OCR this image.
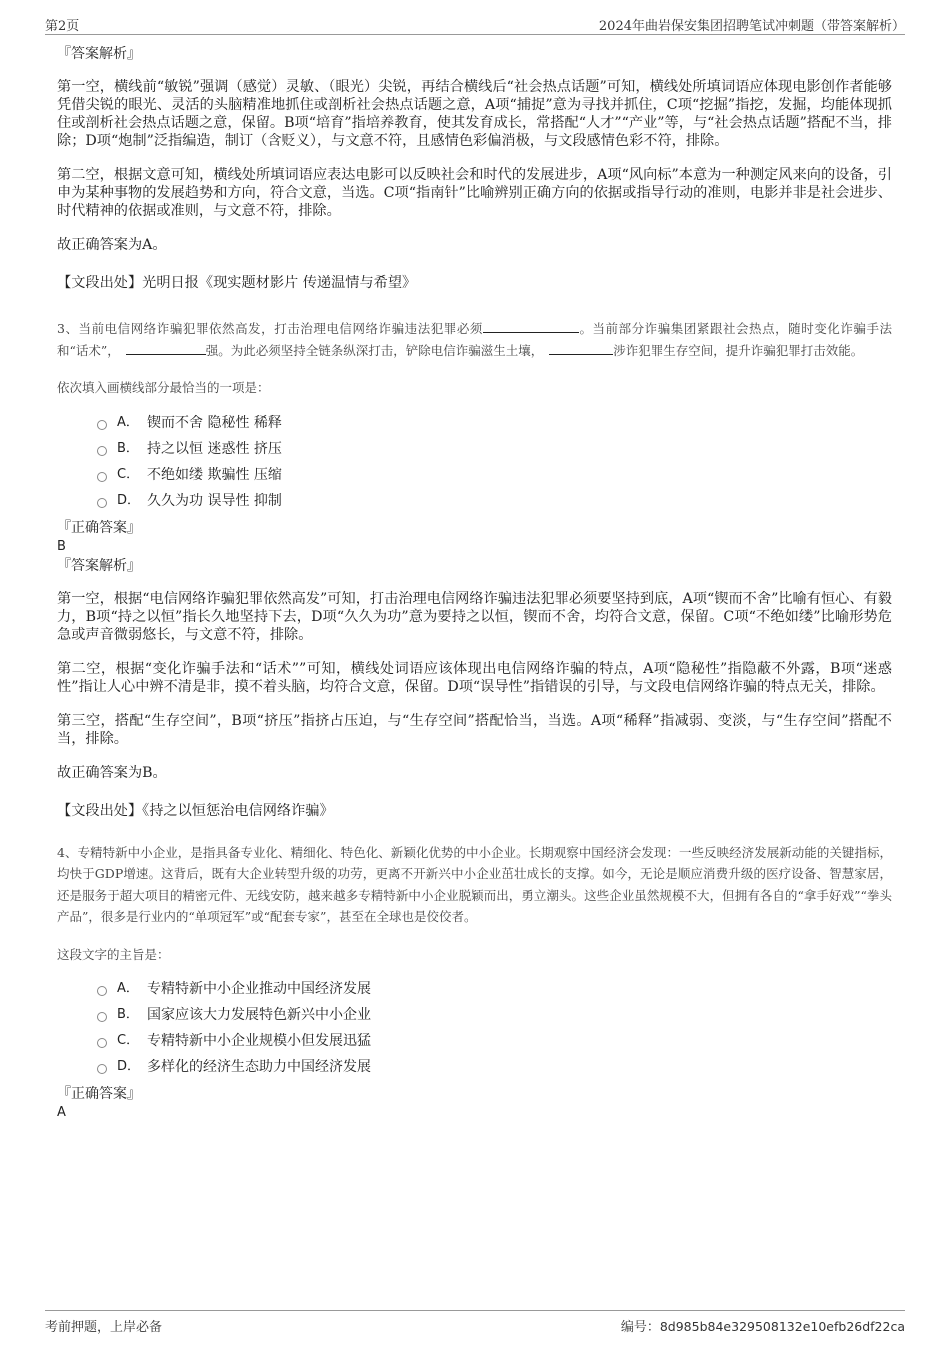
第2页	2024年曲岩保安集团招聘笔试冲刺题（带答案解析）

『答案解析』

第一空，横线前“敏锐”强调（感觉）灵敏、（眼光）尖锐，再结合横线后“社会热点话题”可知，横线处所填词语应体现电影创作者能够凭借尖锐的眼光、灵活的头脑精准地抓住或剖析社会热点话题之意，A项“捕捉”意为寻找并抓住，C项“挖掘”指挖，发掘，均能体现抓住或剖析社会热点话题之意，保留。B项“培育”指培养教育，使其发育成长，常搭配“人才”“产业”等，与“社会热点话题”搭配不当，排除；D项“炮制”泛指编造，制订（含贬义），与文意不符，且感情色彩偏消极，与文段感情色彩不符，排除。

第二空，根据文意可知，横线处所填词语应表达电影可以反映社会和时代的发展进步，A项“风向标”本意为一种测定风来向的设备，引申为某种事物的发展趋势和方向，符合文意，当选。C项“指南针”比喻辨别正确方向的依据或指导行动的准则，电影并非是社会进步、时代精神的依据或准则，与文意不符，排除。

故正确答案为A。

【文段出处】光明日报《现实题材影片 传递温情与希望》

3、当前电信网络诈骗犯罪依然高发，打击治理电信网络诈骗违法犯罪必须	。当前部分诈骗集团紧跟社会热点，随时变化诈骗手法和“话术”，	强。为此必须坚持全链条纵深打击，铲除电信诈骗滋生土壤，	涉诈犯罪生存空间，提升诈骗犯罪打击效能。

依次填入画横线部分最恰当的一项是：

A． 锲而不舍 隐秘性 稀释
B． 持之以恒 迷惑性 挤压
C． 不绝如缕 欺骗性 压缩
D． 久久为功 误导性 抑制

『正确答案』

B

『答案解析』

第一空，根据“电信网络诈骗犯罪依然高发”可知，打击治理电信网络诈骗违法犯罪必须要坚持到底，A项“锲而不舍”比喻有恒心、有毅力，B项“持之以恒”指长久地坚持下去，D项“久久为功”意为要持之以恒，锲而不舍，均符合文意，保留。C项“不绝如缕”比喻形势危急或声音微弱悠长，与文意不符，排除。

第二空，根据“变化诈骗手法和“话术””可知，横线处词语应该体现出电信网络诈骗的特点，A项“隐秘性”指隐蔽不外露，B项“迷惑性”指让人心中辨不清是非，摸不着头脑，均符合文意，保留。D项“误导性”指错误的引导，与文段电信网络诈骗的特点无关，排除。

第三空，搭配“生存空间”，B项“挤压”指挤占压迫，与“生存空间”搭配恰当，当选。A项“稀释”指减弱、变淡，与“生存空间”搭配不当，排除。

故正确答案为B。

【文段出处】《持之以恒惩治电信网络诈骗》

4、专精特新中小企业，是指具备专业化、精细化、特色化、新颖化优势的中小企业。长期观察中国经济会发现：一些反映经济发展新动能的关键指标，均快于GDP增速。这背后，既有大企业转型升级的功劳，更离不开新兴中小企业茁壮成长的支撑。如今，无论是顺应消费升级的医疗设备、智慧家居，还是服务于超大项目的精密元件、无线安防，越来越多专精特新中小企业脱颖而出，勇立潮头。这些企业虽然规模不大，但拥有各自的“拿手好戏”“拳头产品”，很多是行业内的“单项冠军”或“配套专家”，甚至在全球也是佼佼者。

这段文字的主旨是：

A． 专精特新中小企业推动中国经济发展
B． 国家应该大力发展特色新兴中小企业
C． 专精特新中小企业规模小但发展迅猛
D． 多样化的经济生态助力中国经济发展

『正确答案』

A

考前押题，上岸必备	编号：8d985b84e329508132e10efb26df22ca
